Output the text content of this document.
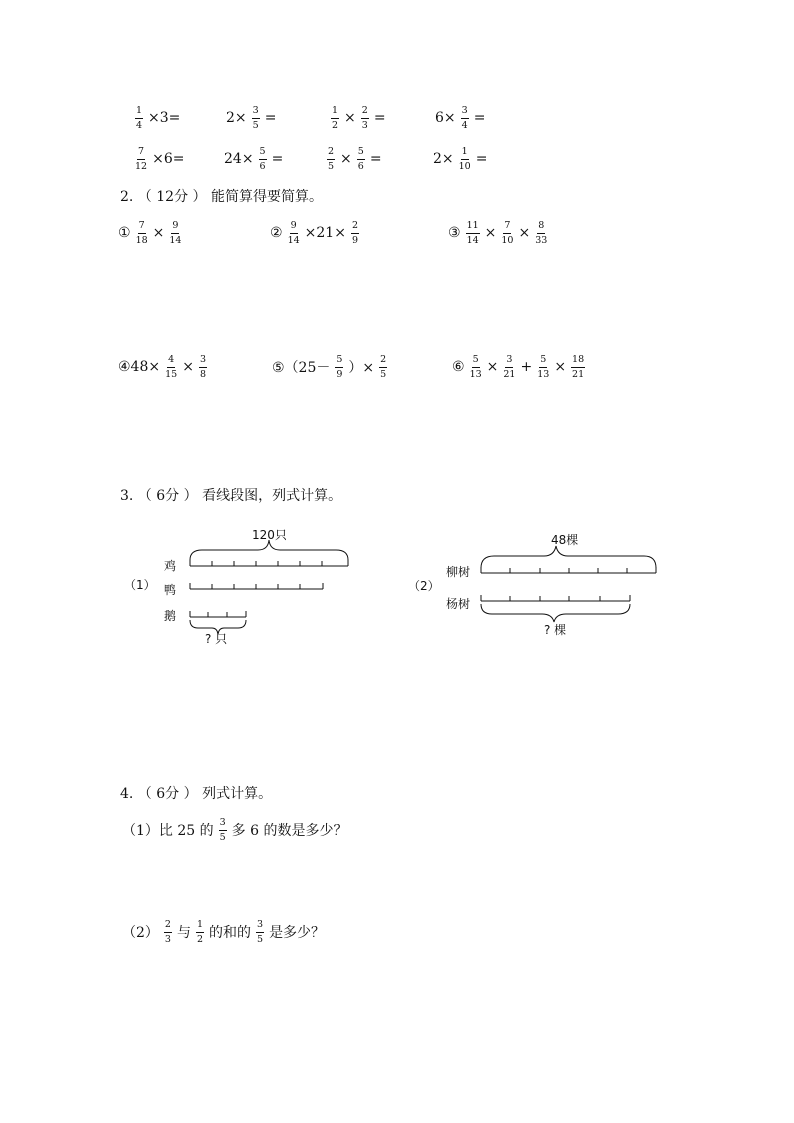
$\frac{1}{4} \times 3=$	$2\times \frac{3}{5}$ =	$\frac{1}{2} \times \frac{2}{3}$ =	$6\times \frac{3}{4}$ =
$\frac{7}{12} \times 6=$	$24\times \frac{5}{6}$ =	$\frac{2}{5} \times \frac{5}{6}$ =	$2\times \frac{1}{10}$ =
2. （ 12分 ） 能简算得要简算。
① $\frac{7}{18} \times \frac{9}{14}$	② $\frac{9}{14} \times 21\times \frac{2}{9}$	③ $\frac{11}{14} \times \frac{7}{10} \times \frac{8}{33}$
④48× $\frac{4}{15} \times \frac{3}{8}$	⑤（25－ $\frac{5}{9}$ ）× $\frac{2}{5}$	⑥ $\frac{5}{13} \times \frac{3}{21} + \frac{5}{13} \times \frac{18}{21}$
3. （ 6分 ） 看线段图，列式计算。
（1）
120只
鸡
鸭
鹅
? 只
（2）
48棵
柳树
杨树
? 棵
4. （ 6分 ） 列式计算。
（1）比 25 的 $\frac{3}{5}$ 多 6 的数是多少？
$(2) \frac{2}{3}$ 与 $\frac{1}{2}$ 的和的 $\frac{3}{5}$ 是多少？
